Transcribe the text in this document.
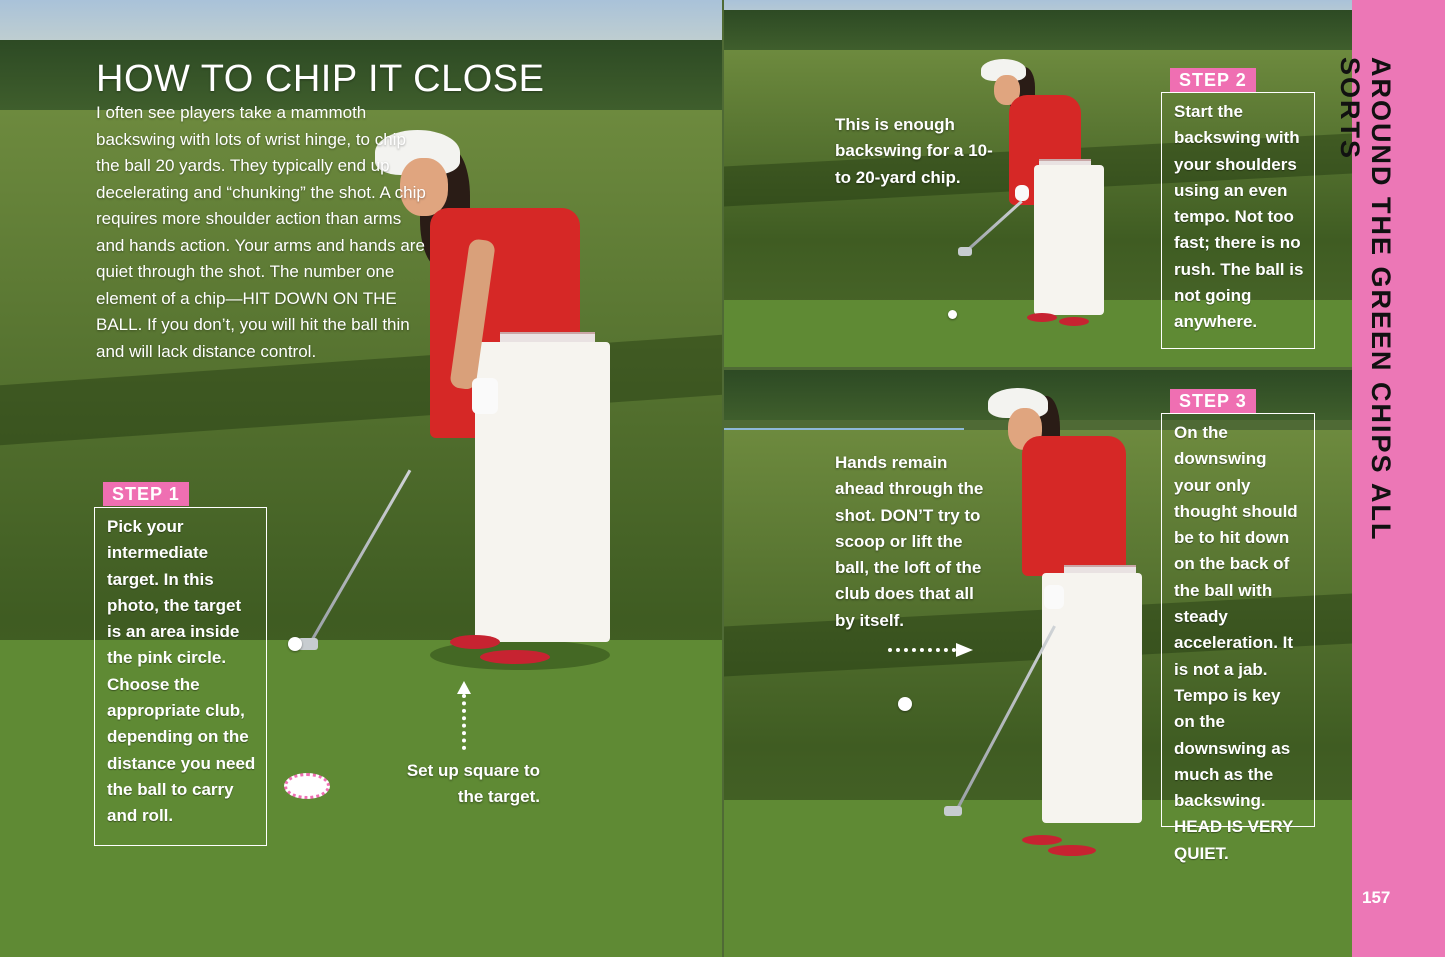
HOW TO CHIP IT CLOSE

I often see players take a mammoth backswing with lots of wrist hinge, to chip the ball 20 yards. They typically end up decelerating and “chunking” the shot. A chip requires more shoulder action than arms and hands action. Your arms and hands are quiet through the shot. The number one element of a chip—HIT DOWN ON THE BALL. If you don’t, you will hit the ball thin and will lack distance control.

STEP 1
Pick your intermediate target. In this photo, the target is an area inside the pink circle. Choose the appropriate club, depending on the distance you need the ball to carry and roll.
STEP 2
Start the backswing with your shoulders using an even tempo. Not too fast; there is no rush. The ball is not going anywhere.
STEP 3
On the downswing your only thought should be to hit down on the back of the ball with steady acceleration. It is not a jab. Tempo is key on the downswing as much as the backswing. HEAD IS VERY QUIET.

Set up square to the target.

This is enough backswing for a 10- to 20-yard chip.

Hands remain ahead through the shot. DON’T try to scoop or lift the ball, the loft of the club does that all by itself.

AROUND THE GREEN CHIPS ALL SORTS
157
